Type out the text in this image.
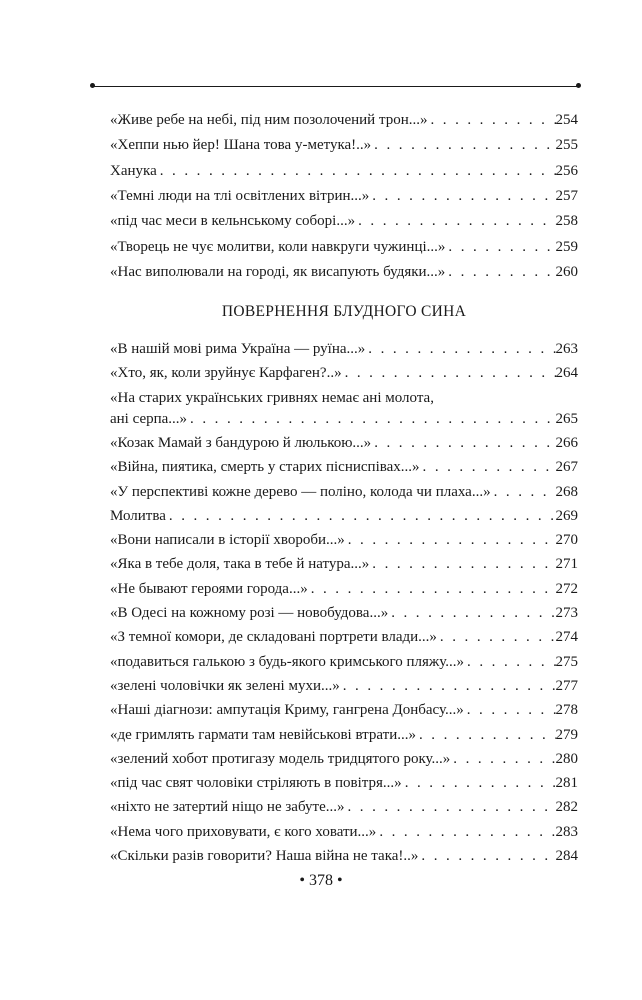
«Живе ребе на небі, під ним позолочений трон...» . . .	254
«Хеппи нью йер! Шана това у-метука!..» . . .	255
Ханука . . .	256
«Темні люди на тлі освітлених вітрин...» . . .	257
«під час меси в кельнському соборі...» . . .	258
«Творець не чує молитви, коли навкруги чужинці...» . . .	259
«Нас виполювали на городі, як висапують будяки...» . . .	260
ПОВЕРНЕННЯ БЛУДНОГО СИНА
«В нашій мові рима Україна — руїна...» . . .	263
«Хто, як, коли зруйнує Карфаген?..» . . .	264
«На старих українських гривнях немає ані молота,
ані серпа...» . . .	265
«Козак Мамай з бандурою й люлькою...» . . .	266
«Війна, пиятика, смерть у старих пісниспівах...» . . .	267
«У перспективі кожне дерево — поліно, колода чи плаха...» . . .	268
Молитва . . .	269
«Вони написали в історії хвороби...» . . .	270
«Яка в тебе доля, така в тебе й натура...» . . .	271
«Не бывают героями города...» . . .	272
«В Одесі на кожному розі — новобудова...» . . .	273
«З темної комори, де складовані портрети влади...» . . .	274
«подавиться галькою з будь-якого кримського пляжу...» . . .	275
«зелені чоловічки як зелені мухи...» . . .	277
«Наші діагнози: ампутація Криму, гангрена Донбасу...» . . .	278
«де гримлять гармати там невійськові втрати...» . . .	279
«зелений хобот протигазу модель тридцятого року...» . . .	280
«під час свят чоловіки стріляють в повітря...» . . .	281
«ніхто не затертий ніщо не забуте...» . . .	282
«Нема чого приховувати, є кого ховати...» . . .	283
«Скільки разів говорити? Наша війна не така!..» . . .	284
• 378 •
